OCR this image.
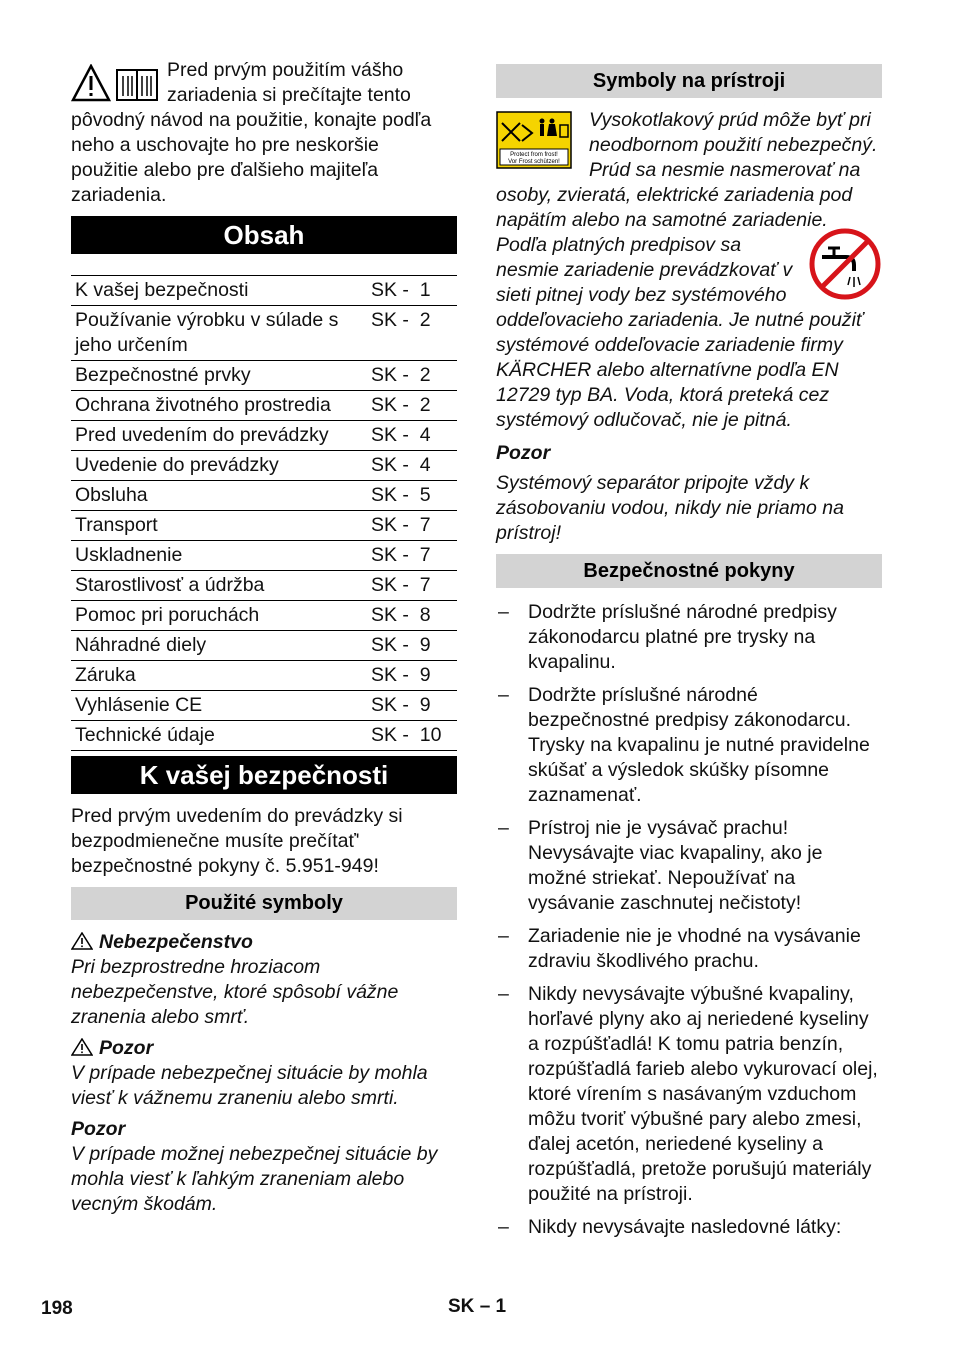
Pred prvým použitím vášho
zariadenia si prečítajte tento
pôvodný návod na použitie, konajte podľa
neho a uschovajte ho pre neskoršie
použitie alebo pre ďalšieho majiteľa
zariadenia.
Obsah
K vašej bezpečnosti	SK -  1
Používanie výrobku v súlade s jeho určením	SK -  2
Bezpečnostné prvky	SK -  2
Ochrana životného prostredia	SK -  2
Pred uvedením do prevádzky	SK -  4
Uvedenie do prevádzky	SK -  4
Obsluha	SK -  5
Transport	SK -  7
Uskladnenie	SK -  7
Starostlivosť a údržba	SK -  7
Pomoc pri poruchách	SK -  8
Náhradné diely	SK -  9
Záruka	SK -  9
Vyhlásenie CE	SK -  9
Technické údaje	SK -  10
K vašej bezpečnosti

Pred prvým uvedením do prevádzky si bezpodmienečne musíte prečítať' bezpečnostné pokyny č. 5.951-949!

Použité symboly
Nebezpečenstvo

Pri bezprostredne hroziacom nebezpečenstve, ktoré spôsobí vážne zranenia alebo smrť.

Pozor

V prípade nebezpečnej situácie by mohla viesť k vážnemu zraneniu alebo smrti.

Pozor

V prípade možnej nebezpečnej situácie by mohla viesť k ľahkým zraneniam alebo vecným škodám.

Symboly na prístroji
Protect from frost!
Vor Frost schützen!

Vysokotlakový prúd môže byť pri neodbornom použití nebezpečný. Prúd sa nesmie nasmerovať na osoby, zvieratá, elektrické zariadenia pod napätím alebo na samotné zariadenie.

Podľa platných predpisov sa nesmie zariadenie prevádzkovať v sieti pitnej vody bez systémového oddeľovacieho zariadenia. Je nutné použiť systémové oddeľovacie zariadenie firmy KÄRCHER alebo alternatívne podľa EN 12729 typ BA. Voda, ktorá preteká cez systémový odlučovač, nie je pitná.

Pozor

Systémový separátor pripojte vždy k zásobovaniu vodou, nikdy nie priamo na prístroj!

Bezpečnostné pokyny
– Dodržte príslušné národné predpisy zákonodarcu platné pre trysky na kvapalinu.
– Dodržte príslušné národné bezpečnostné predpisy zákonodarcu. Trysky na kvapalinu je nutné pravidelne skúšať a výsledok skúšky písomne zaznamenať.
– Prístroj nie je vysávač prachu! Nevysávajte viac kvapaliny, ako je možné striekať. Nepoužívať na vysávanie zaschnutej nečistoty!
– Zariadenie nie je vhodné na vysávanie zdraviu škodlivého prachu.
– Nikdy nevysávajte výbušné kvapaliny, horľavé plyny ako aj neriedené kyseliny a rozpúšťadlá! K tomu patria benzín, rozpúšťadlá farieb alebo vykurovací olej, ktoré vírením s nasávaným vzduchom môžu tvoriť výbušné pary alebo zmesi, ďalej acetón, neriedené kyseliny a rozpúšťadlá, pretože porušujú materiály použité na prístroji.
– Nikdy nevysávajte nasledovné látky:
198	SK – 1
